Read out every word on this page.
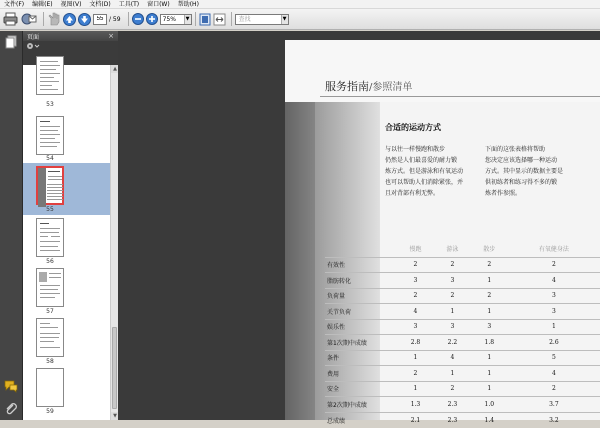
文件(F)	编辑(E)	视图(V)	文档(D)	工具(T)	窗口(W)	帮助(H)
55
/ 59	75%	▼	查找	▼
页面	×
53
54
55
56
57
58
59
▲
▼
服务指南/参照清单
合适的运动方式
与以往一样慢跑和散步
仍然是人们最喜爱的耐力锻
炼方式。但是游泳和有氧运动
也可以帮助人们消除紧张，并
且对背部有利无弊。
下面的这张表格将帮助
您决定应该选择哪一种运动
方式。其中显示的数据主要是
供初练者和练习得不多的锻
炼者作参照。
	慢跑	游泳	散步	有氧健身法
有效性	2	2	2	2
脂肪转化	3	3	1	4
负荷量	2	2	2	3
关节负荷	4	1	1	3
娱乐性	3	3	3	1
第1次期中成绩	2.8	2.2	1.8	2.6
条件	1	4	1	5
费用	2	1	1	4
安全	1	2	1	2
第2次期中成绩	1.3	2.3	1.0	3.7
总成绩	2.1	2.3	1.4	3.2
